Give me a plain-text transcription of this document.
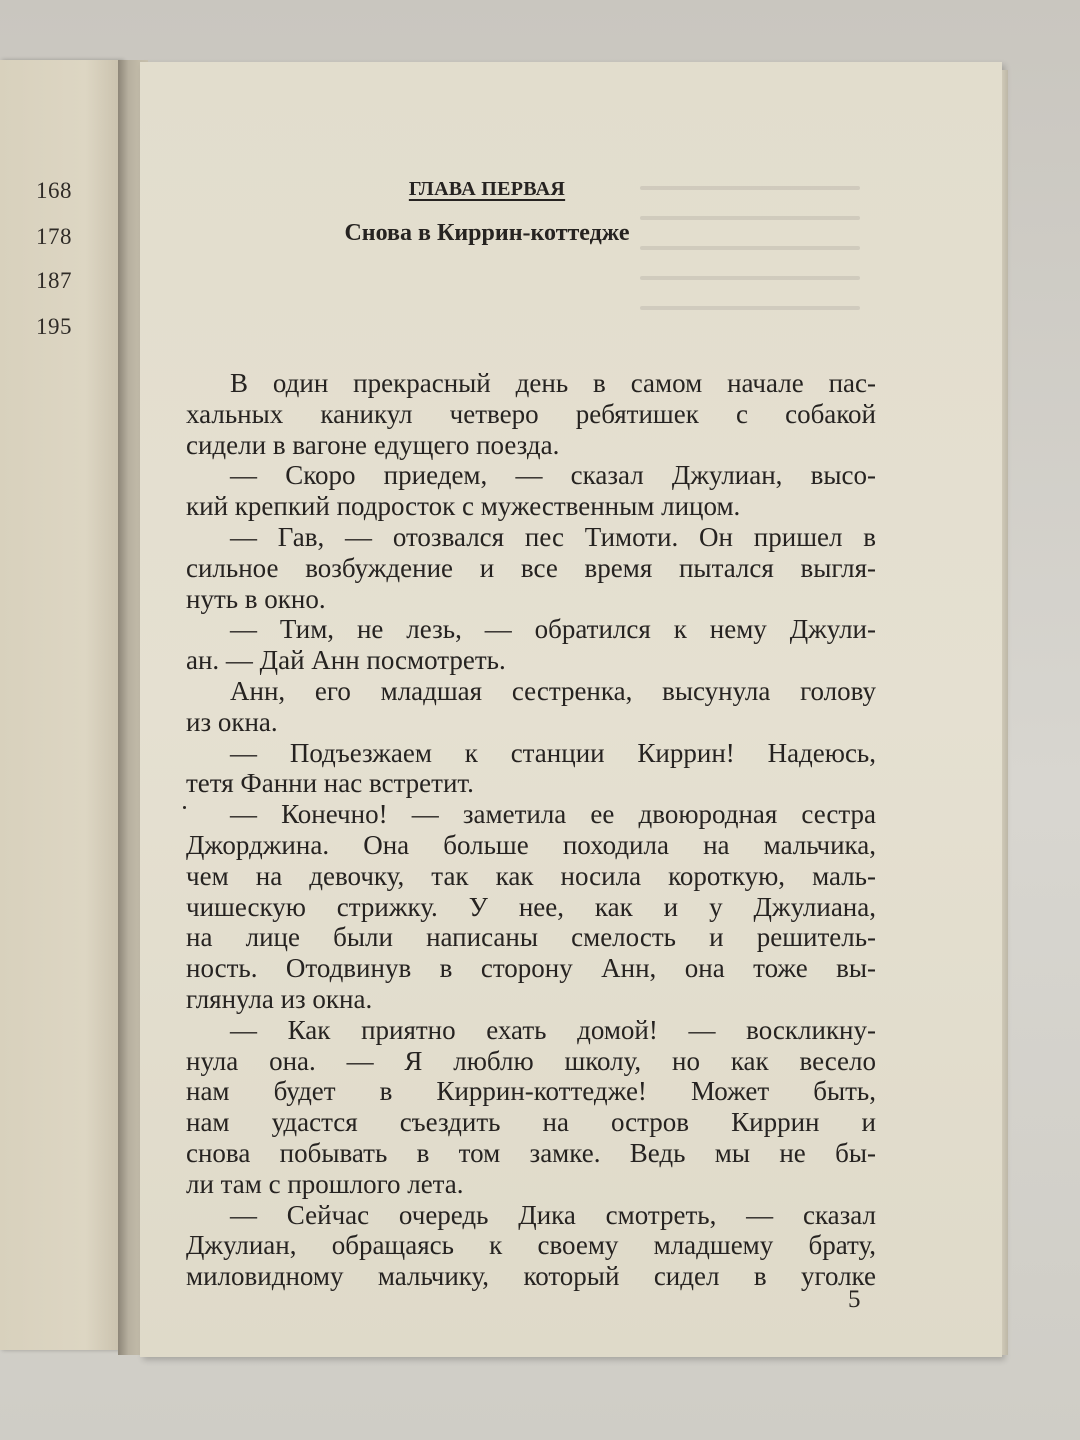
168
178
187
195
ГЛАВА ПЕРВАЯ
Снова в Киррин-коттедже
В один прекрасный день в самом начале пас-
хальных каникул четверо ребятишек с собакой
сидели в вагоне едущего поезда.
— Скоро приедем, — сказал Джулиан, высо-
кий крепкий подросток с мужественным лицом.
— Гав, — отозвался пес Тимоти. Он пришел в
сильное возбуждение и все время пытался выгля-
нуть в окно.
— Тим, не лезь, — обратился к нему Джули-
ан. — Дай Анн посмотреть.
Анн, его младшая сестренка, высунула голову
из окна.
— Подъезжаем к станции Киррин! Надеюсь,
тетя Фанни нас встретит.
— Конечно! — заметила ее двоюродная сестра
Джорджина. Она больше походила на мальчика,
чем на девочку, так как носила короткую, маль-
чишескую стрижку. У нее, как и у Джулиана,
на лице были написаны смелость и решитель-
ность. Отодвинув в сторону Анн, она тоже вы-
глянула из окна.
— Как приятно ехать домой! — воскликну-
нула она. — Я люблю школу, но как весело
нам будет в Киррин-коттедже! Может быть,
нам удастся съездить на остров Киррин и
снова побывать в том замке. Ведь мы не бы-
ли там с прошлого лета.
— Сейчас очередь Дика смотреть, — сказал
Джулиан, обращаясь к своему младшему брату,
миловидному мальчику, который сидел в уголке
5
